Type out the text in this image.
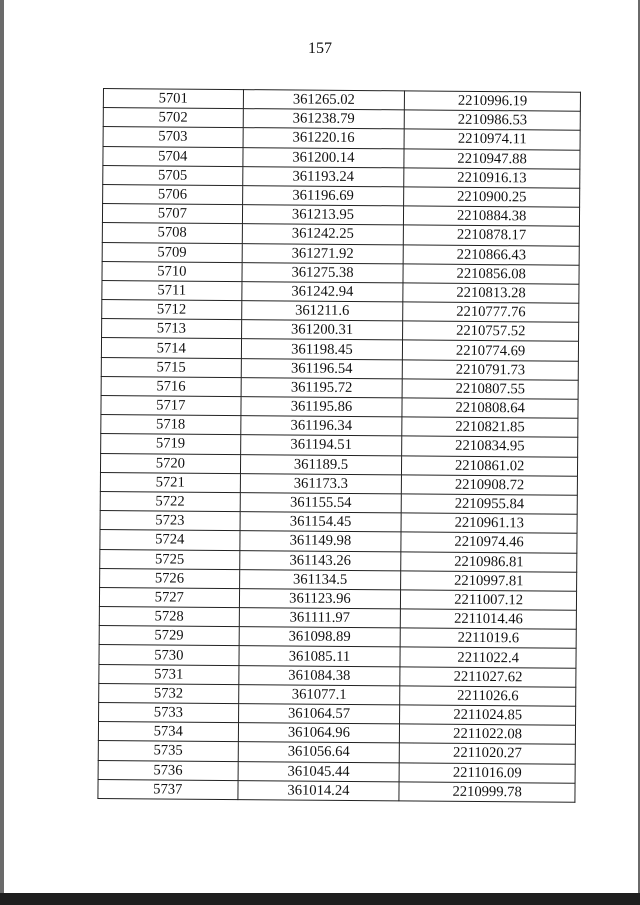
157
5701	361265.02	2210996.19
5702	361238.79	2210986.53
5703	361220.16	2210974.11
5704	361200.14	2210947.88
5705	361193.24	2210916.13
5706	361196.69	2210900.25
5707	361213.95	2210884.38
5708	361242.25	2210878.17
5709	361271.92	2210866.43
5710	361275.38	2210856.08
5711	361242.94	2210813.28
5712	361211.6	2210777.76
5713	361200.31	2210757.52
5714	361198.45	2210774.69
5715	361196.54	2210791.73
5716	361195.72	2210807.55
5717	361195.86	2210808.64
5718	361196.34	2210821.85
5719	361194.51	2210834.95
5720	361189.5	2210861.02
5721	361173.3	2210908.72
5722	361155.54	2210955.84
5723	361154.45	2210961.13
5724	361149.98	2210974.46
5725	361143.26	2210986.81
5726	361134.5	2210997.81
5727	361123.96	2211007.12
5728	361111.97	2211014.46
5729	361098.89	2211019.6
5730	361085.11	2211022.4
5731	361084.38	2211027.62
5732	361077.1	2211026.6
5733	361064.57	2211024.85
5734	361064.96	2211022.08
5735	361056.64	2211020.27
5736	361045.44	2211016.09
5737	361014.24	2210999.78
